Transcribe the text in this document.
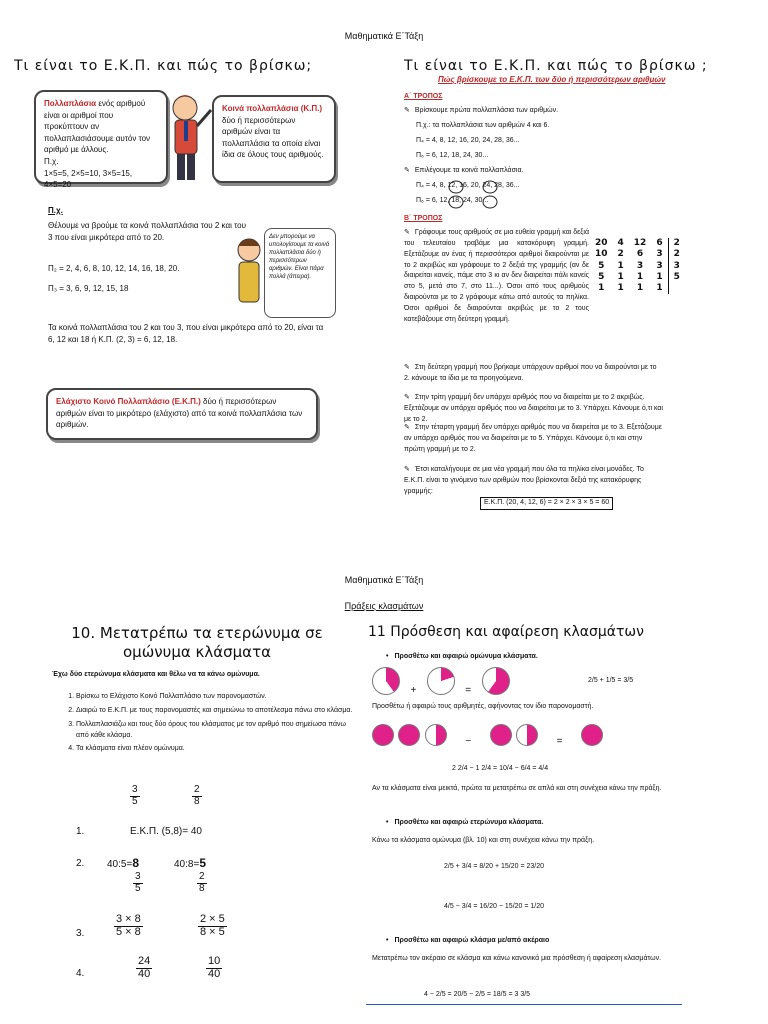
Μαθηματικά Ε΄Τάξη
Τι είναι το Ε.Κ.Π. και πώς το βρίσκω;
Πολλαπλάσια ενός αριθμού είναι οι αριθμοί που προκύπτουν αν πολλαπλασιάσουμε αυτόν τον αριθμό με άλλους.
Π.χ.
1×5=5, 2×5=10, 3×5=15, 4×5=20
Κοινά πολλαπλάσια (Κ.Π.) δύο ή περισσότερων αριθμών είναι τα πολλαπλάσια τα οποία είναι ίδια σε όλους τους αριθμούς.
Π.χ.
Θέλουμε να βρούμε τα κοινά πολλαπλάσια του 2 και του 3 που είναι μικρότερα από το 20.
Π₂ = 2, 4, 6, 8, 10, 12, 14, 16, 18, 20.
Π₃ = 3, 6, 9, 12, 15, 18
Δεν μπορούμε να υπολογίσουμε τα κοινά πολλαπλάσια δύο ή περισσότερων αριθμών. Είναι πάρα πολλά (άπειρα).
Τα κοινά πολλαπλάσια του 2 και του 3, που είναι μικρότερα από το 20, είναι τα 6, 12 και 18 ή Κ.Π. (2, 3) = 6, 12, 18.
Ελάχιστο Κοινό Πολλαπλάσιο (Ε.Κ.Π.) δύο ή περισσότερων αριθμών είναι το μικρότερο (ελάχιστο) από τα κοινά πολλαπλάσια των αριθμών.
Τι είναι το Ε.Κ.Π. και πώς το βρίσκω ;
Πώς βρίσκουμε το Ε.Κ.Π. των δύο ή περισσότερων αριθμών
Α΄ ΤΡΟΠΟΣ
✎ Βρίσκουμε πρώτα πολλαπλάσια των αριθμών.
Π.χ.: τα πολλαπλάσια των αριθμών 4 και 6.
Π₄ = 4, 8, 12, 16, 20, 24, 28, 36...
Π₆ = 6, 12, 18, 24, 30...
✎ Επιλέγουμε τα κοινά πολλαπλάσια.
Π₄ = 4, 8, 12, 16, 20, 24, 28, 36...
Π₆ = 6, 12, 18, 24, 30...
Β΄ ΤΡΟΠΟΣ
✎ Γράφουμε τους αριθμούς σε μια ευθεία γραμμή και δεξιά του τελευταίου τραβάμε μια κατακόρυφη γραμμή. Εξετάζουμε αν ένας ή περισσότεροι αριθμοί διαιρούνται με το 2 ακριβώς και γράφουμε το 2 δεξιά της γραμμής (αν δε διαιρείται κανείς, πάμε στο 3 κι αν δεν διαιρείται πάλι κανείς στο 5, μετά στο 7, στο 11...). Όσοι από τους αριθμούς διαιρούνται με το 2 γράφουμε κάτω από αυτούς τα πηλίκα. Όσοι αριθμοί δε διαιρούνται ακριβώς με το 2 τους κατεβάζουμε στη δεύτερη γραμμή.
20	4	12	6	2
10	2	6	3	2
5	1	3	3	3
5	1	1	1	5
1	1	1	1	
✎ Στη δεύτερη γραμμή που βρήκαμε υπάρχουν αριθμοί που να διαιρούνται με το 2. κάνουμε τα ίδια με τα προηγούμενα.
✎ Στην τρίτη γραμμή δεν υπάρχει αριθμός που να διαιρείται με το 2 ακριβώς. Εξετάζουμε αν υπάρχει αριθμός που να διαιρείται με το 3. Υπάρχει. Κάνουμε ό,τι και με το 2.
✎ Στην τέταρτη γραμμή δεν υπάρχει αριθμός που να διαιρείται με το 3. Εξετάζουμε αν υπάρχει αριθμός που να διαιρείται με το 5. Υπάρχει. Κάνουμε ό,τι και στην πρώτη γραμμή με το 2.
✎ Έτσι καταλήγουμε σε μια νέα γραμμή που όλα τα πηλίκα είναι μονάδες. Το Ε.Κ.Π. είναι το γινόμενο των αριθμών που βρίσκονται δεξιά της κατακόρυφης γραμμής:
Ε.Κ.Π. (20, 4, 12, 6) = 2 × 2 × 3 × 5 = 60
Μαθηματικά Ε΄Τάξη
Πράξεις κλασμάτων
10. Μετατρέπω τα ετερώνυμα σε ομώνυμα κλάσματα
Έχω δύο ετερώνυμα κλάσματα και θέλω να τα κάνω ομώνυμα.
1. Βρίσκω το Ελάχιστο Κοινό Πολλαπλάσιο των παρονομαστών.
2. Διαιρώ το Ε.Κ.Π. με τους παρονομαστές και σημειώνω το αποτέλεσμα πάνω στο κλάσμα.
3. Πολλαπλασιάζω και τους δύο όρους του κλάσματος με τον αριθμό που σημείωσα πάνω από κάθε κλάσμα.
4. Τα κλάσματα είναι πλέον ομώνυμα.
$\frac{3}{5}$	$\frac{2}{8}$
1.	Ε.Κ.Π. (5,8)= 40
2. 40:5=8	40:8=5
$\frac{3}{5}$	$\frac{2}{8}$
3.	$\frac{3 \times 8}{5 \times 8}$	$\frac{2 \times 5}{8 \times 5}$
4.	$\frac{24}{40}$	$\frac{10}{40}$
11 Πρόσθεση και αφαίρεση κλασμάτων
• Προσθέτω και αφαιρώ ομώνυμα κλάσματα.
+	=
2/5 + 1/5 = 3/5
Προσθέτω ή αφαιρώ τους αριθμητές, αφήνοντας τον ίδιο παρονομαστή.
−	=
2 2/4 − 1 2/4 = 10/4 − 6/4 = 4/4
Αν τα κλάσματα είναι μεικτά, πρώτα τα μετατρέπω σε απλά και στη συνέχεια κάνω την πράξη.
• Προσθέτω και αφαιρώ ετερώνυμα κλάσματα.
Κάνω τα κλάσματα ομώνυμα (βλ. 10) και στη συνέχεια κάνω την πράξη.
2/5 + 3/4 = 8/20 + 15/20 = 23/20
4/5 − 3/4 = 16/20 − 15/20 = 1/20
• Προσθέτω και αφαιρώ κλάσμα με/από ακέραιο
Μετατρέπω τον ακέραιο σε κλάσμα και κάνω κανονικά μια πρόσθεση ή αφαίρεση κλασμάτων.
4 − 2/5 = 20/5 − 2/5 = 18/5 = 3 3/5
